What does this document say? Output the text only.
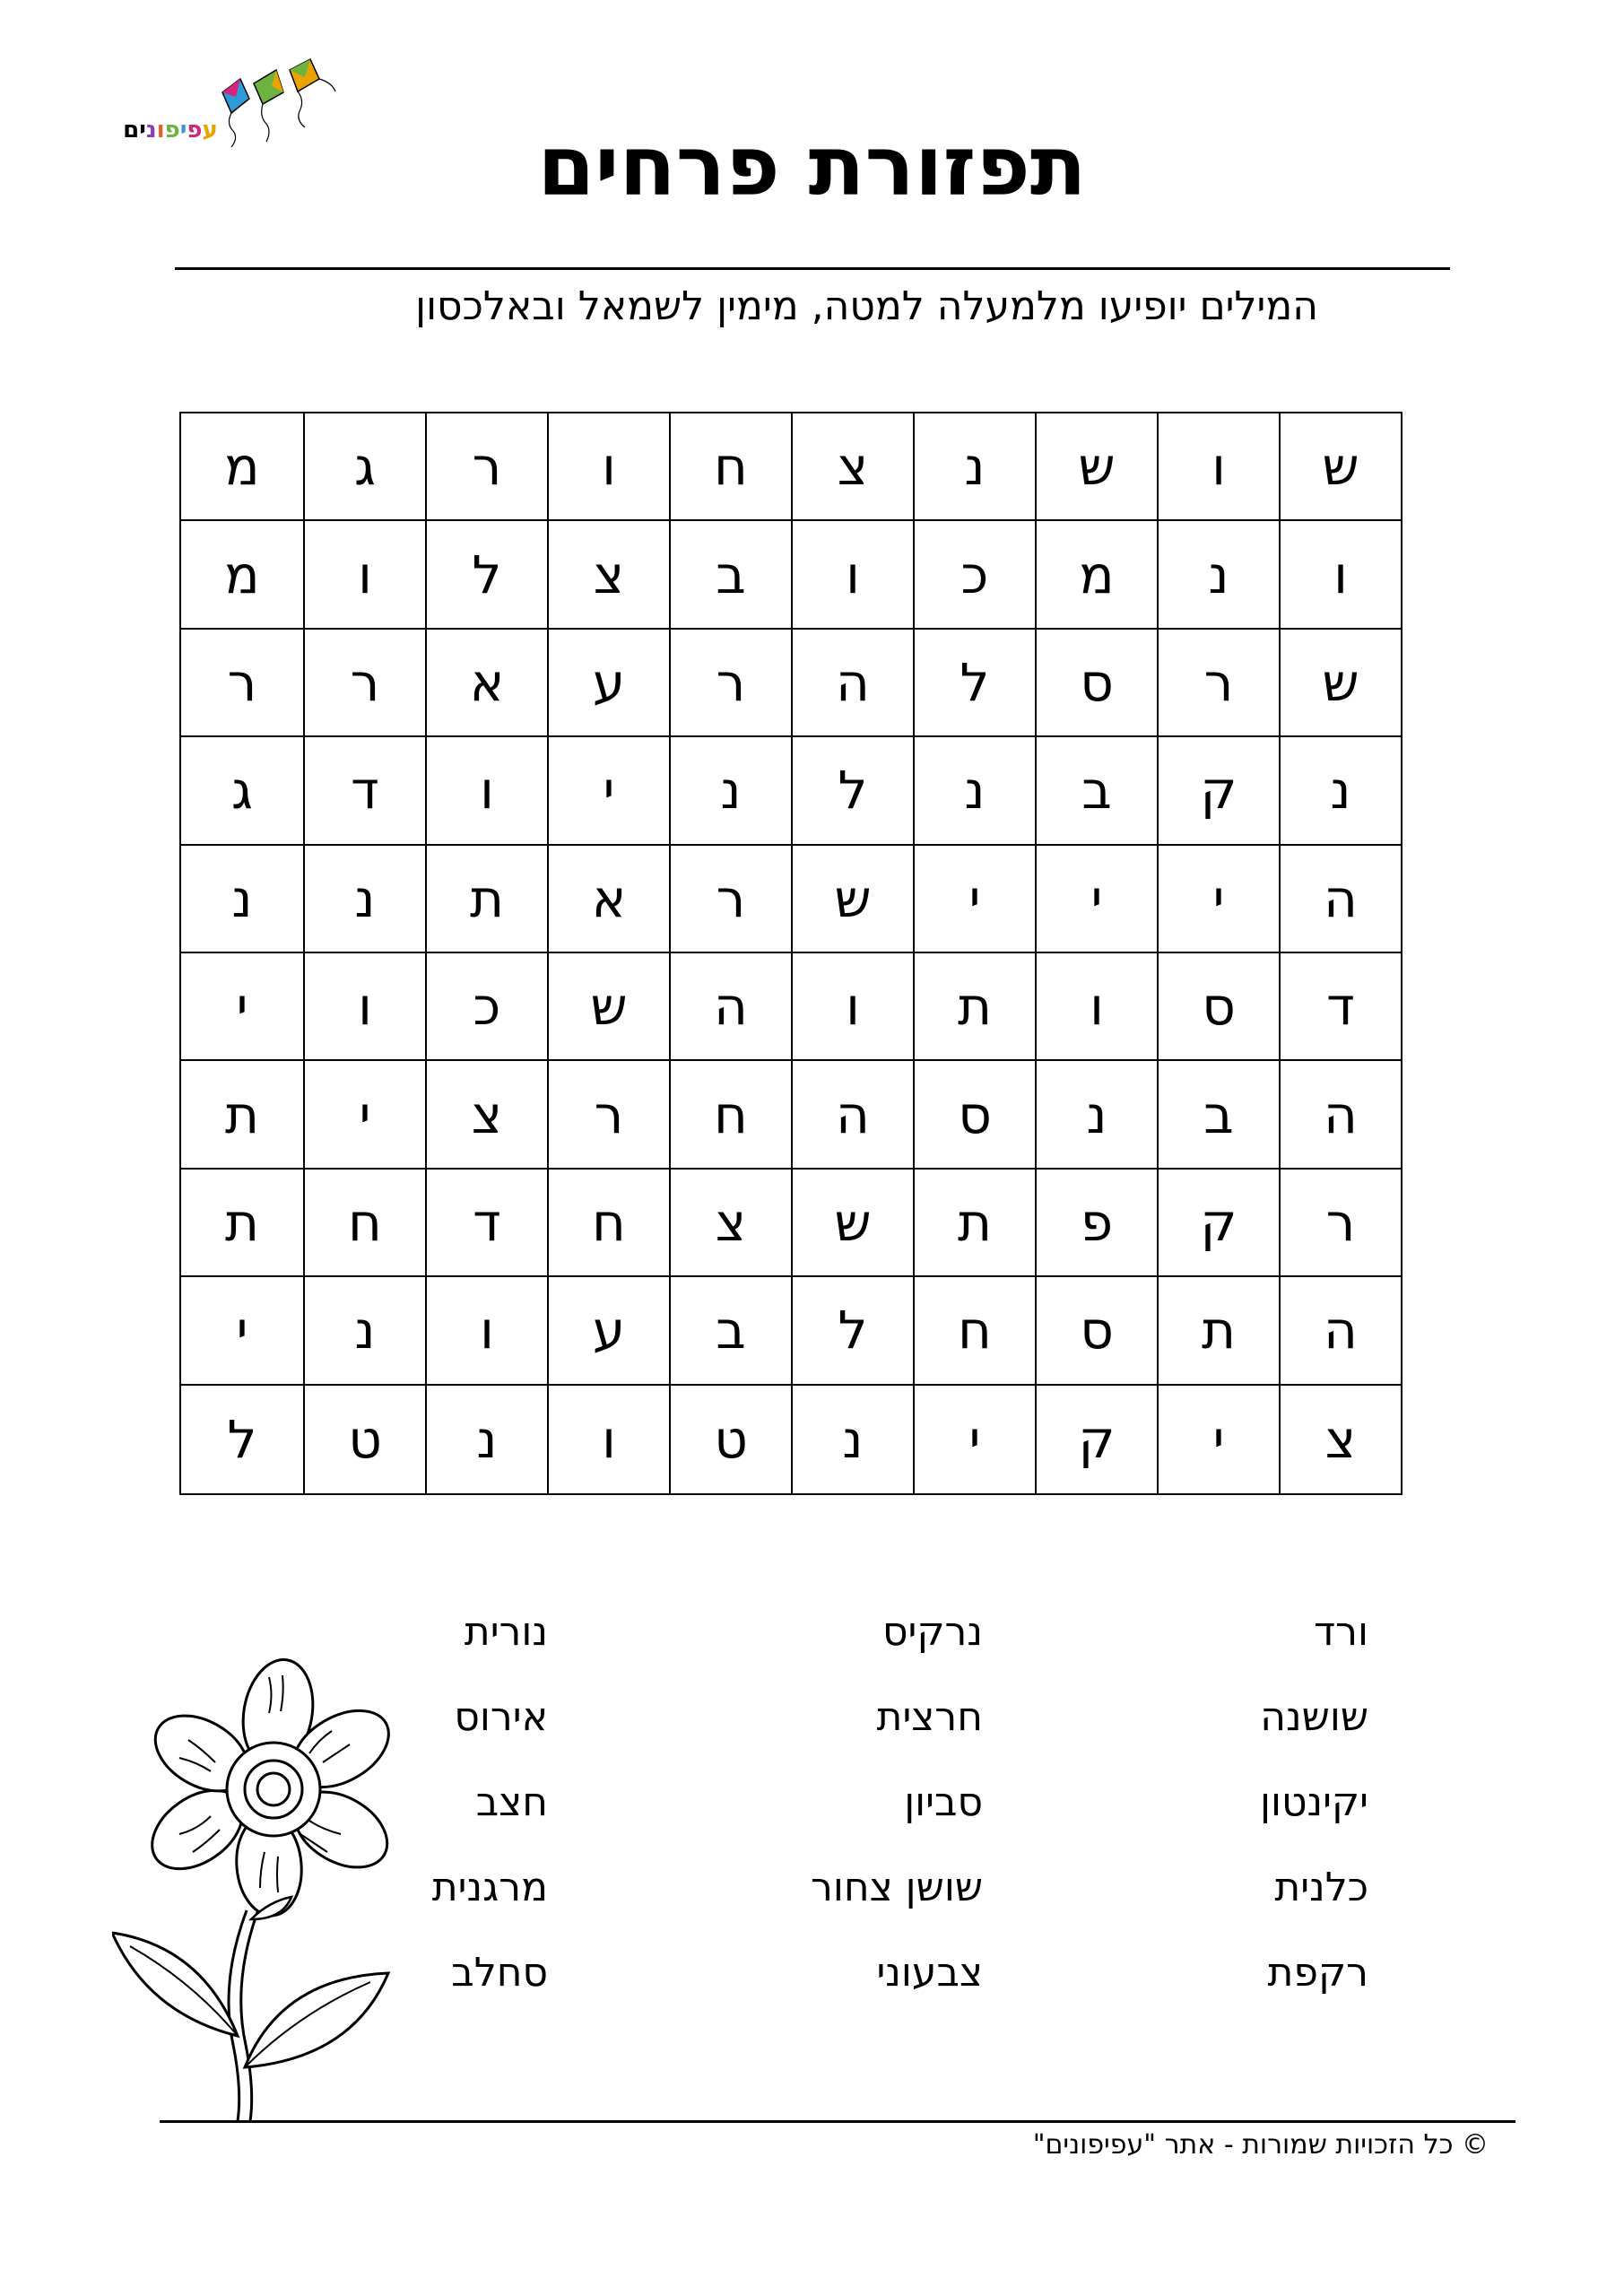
עפיפונים	תפזורת פרחים
המילים יופיעו מלמעלה למטה, מימין לשמאל ובאלכסון
ש
ו
ש
נ
צ
ח
ו
ר
ג
מ
ו
נ
מ
כ
ו
ב
צ
ל
ו
מ
ש
ר
ס
ל
ה
ר
ע
א
ר
ר
נ
ק
ב
נ
ל
נ
י
ו
ד
ג
ה
י
י
י
ש
ר
א
ת
נ
נ
ד
ס
ו
ת
ו
ה
ש
כ
ו
י
ה
ב
נ
ס
ה
ח
ר
צ
י
ת
ר
ק
פ
ת
ש
צ
ח
ד
ח
ת
ה
ת
ס
ח
ל
ב
ע
ו
נ
י
צ
י
ק
י
נ
ט
ו
נ
ט
ל
ורד
שושנה
יקינטון
כלנית
רקפת
נרקיס
חרצית
סביון
שושן צחור
צבעוני
נורית
אירוס
חצב
מרגנית
סחלב
© כל הזכויות שמורות - אתר "עפיפונים"
